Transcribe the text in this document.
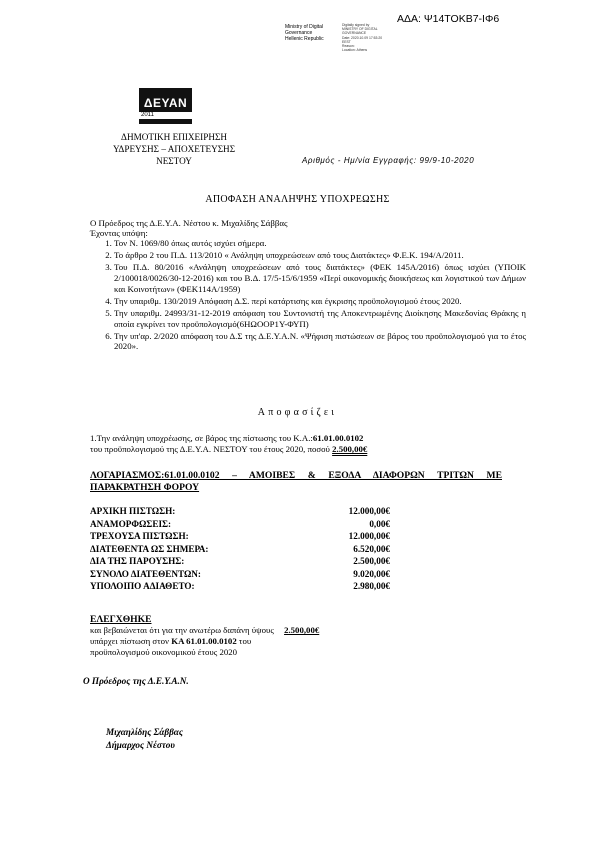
ΑΔΑ: Ψ14ΤΟΚΒ7-ΙΦ6
Ministry of Digital
Governance
Hellenic Republic
Digitally signed by
MINISTRY OF DIGITAL
GOVERNANCE
Date: 2020.10.09 17:53:20
EEST
Reason:
Location: Athens
ΔΕΥΑΝ
2011
ΔΗΜΟΤΙΚΗ ΕΠΙΧΕΙΡΗΣΗ
ΥΔΡΕΥΣΗΣ – ΑΠΟΧΕΤΕΥΣΗΣ
ΝΕΣΤΟΥ	Αριθμός - Ημ/νία Εγγραφής: 99/9-10-2020
ΑΠΟΦΑΣΗ ΑΝΑΛΗΨΗΣ ΥΠΟΧΡΕΩΣΗΣ
Ο Πρόεδρος της Δ.Ε.Υ.Α. Νέστου κ. Μιχαλίδης Σάββας
Έχοντας υπόψη:
1. Τον Ν. 1069/80 όπως αυτός ισχύει σήμερα.
2. Το άρθρο 2 του Π.Δ. 113/2010 « Ανάληψη υποχρεώσεων από τους Διατάκτες» Φ.Ε.Κ. 194/Α/2011.
3. Του Π.Δ. 80/2016 «Ανάληψη υποχρεώσεων από τους διατάκτες» (ΦΕΚ 145Α/2016) όπως ισχύει (ΥΠΟΙΚ 2/100018/0026/30-12-2016) και του Β.Δ. 17/5-15/6/1959 «Περί οικονομικής διοικήσεως και λογιστικού των Δήμων και Κοινοτήτων» (ΦΕΚ114Α/1959)
4. Την υπαριθμ. 130/2019 Απόφαση Δ.Σ. περί κατάρτισης και έγκρισης προϋπολογισμού έτους 2020.
5. Την υπαριθμ. 24993/31-12-2019 απόφαση του Συντονιστή της Αποκεντρωμένης Διοίκησης Μακεδονίας Θράκης η οποία εγκρίνει τον προϋπολογισμό(6ΗΩΟΟΡ1Υ-ΦΥΠ)
6. Την υπ'αρ. 2/2020 απόφαση του Δ.Σ της Δ.Ε.Υ.Α.Ν. «Ψήφιση πιστώσεων σε βάρος του προϋπολογισμού για το έτος 2020».
Αποφασίζει
1.Την ανάληψη υποχρέωσης, σε βάρος της πίστωσης του Κ.Α.:61.01.00.0102
του προϋπολογισμού της Δ.Ε.Υ.Α. ΝΕΣΤΟΥ του έτους 2020, ποσού 2.500,00€
ΛΟΓΑΡΙΑΣΜΟΣ:61.01.00.0102 – ΑΜΟΙΒΕΣ & ΕΞΟΔΑ ΔΙΑΦΟΡΩΝ ΤΡΙΤΩΝ ΜΕ ΠΑΡΑΚΡΑΤΗΣΗ ΦΟΡΟΥ
ΑΡΧΙΚΗ ΠΙΣΤΩΣΗ:	12.000,00€
ΑΝΑΜΟΡΦΩΣΕΙΣ:	0,00€
ΤΡΕΧΟΥΣΑ ΠΙΣΤΩΣΗ:	12.000,00€
ΔΙΑΤΕΘΕΝΤΑ ΩΣ ΣΗΜΕΡΑ:	6.520,00€
ΔΙΑ ΤΗΣ ΠΑΡΟΥΣΗΣ:	2.500,00€
ΣΥΝΟΛΟ ΔΙΑΤΕΘΕΝΤΩΝ:	9.020,00€
ΥΠΟΛΟΙΠΟ ΑΔΙΑΘΕΤΟ:	2.980,00€
ΕΛΕΓΧΘΗΚΕ
και βεβαιώνεται ότι για την ανωτέρω δαπάνη ύψους 2.500,00€
υπάρχει πίστωση στον ΚΑ 61.01.00.0102 του
προϋπολογισμού οικονομικού έτους 2020
Ο Πρόεδρος της Δ.Ε.Υ.Α.Ν.
Μιχαηλίδης Σάββας
Δήμαρχος Νέστου
